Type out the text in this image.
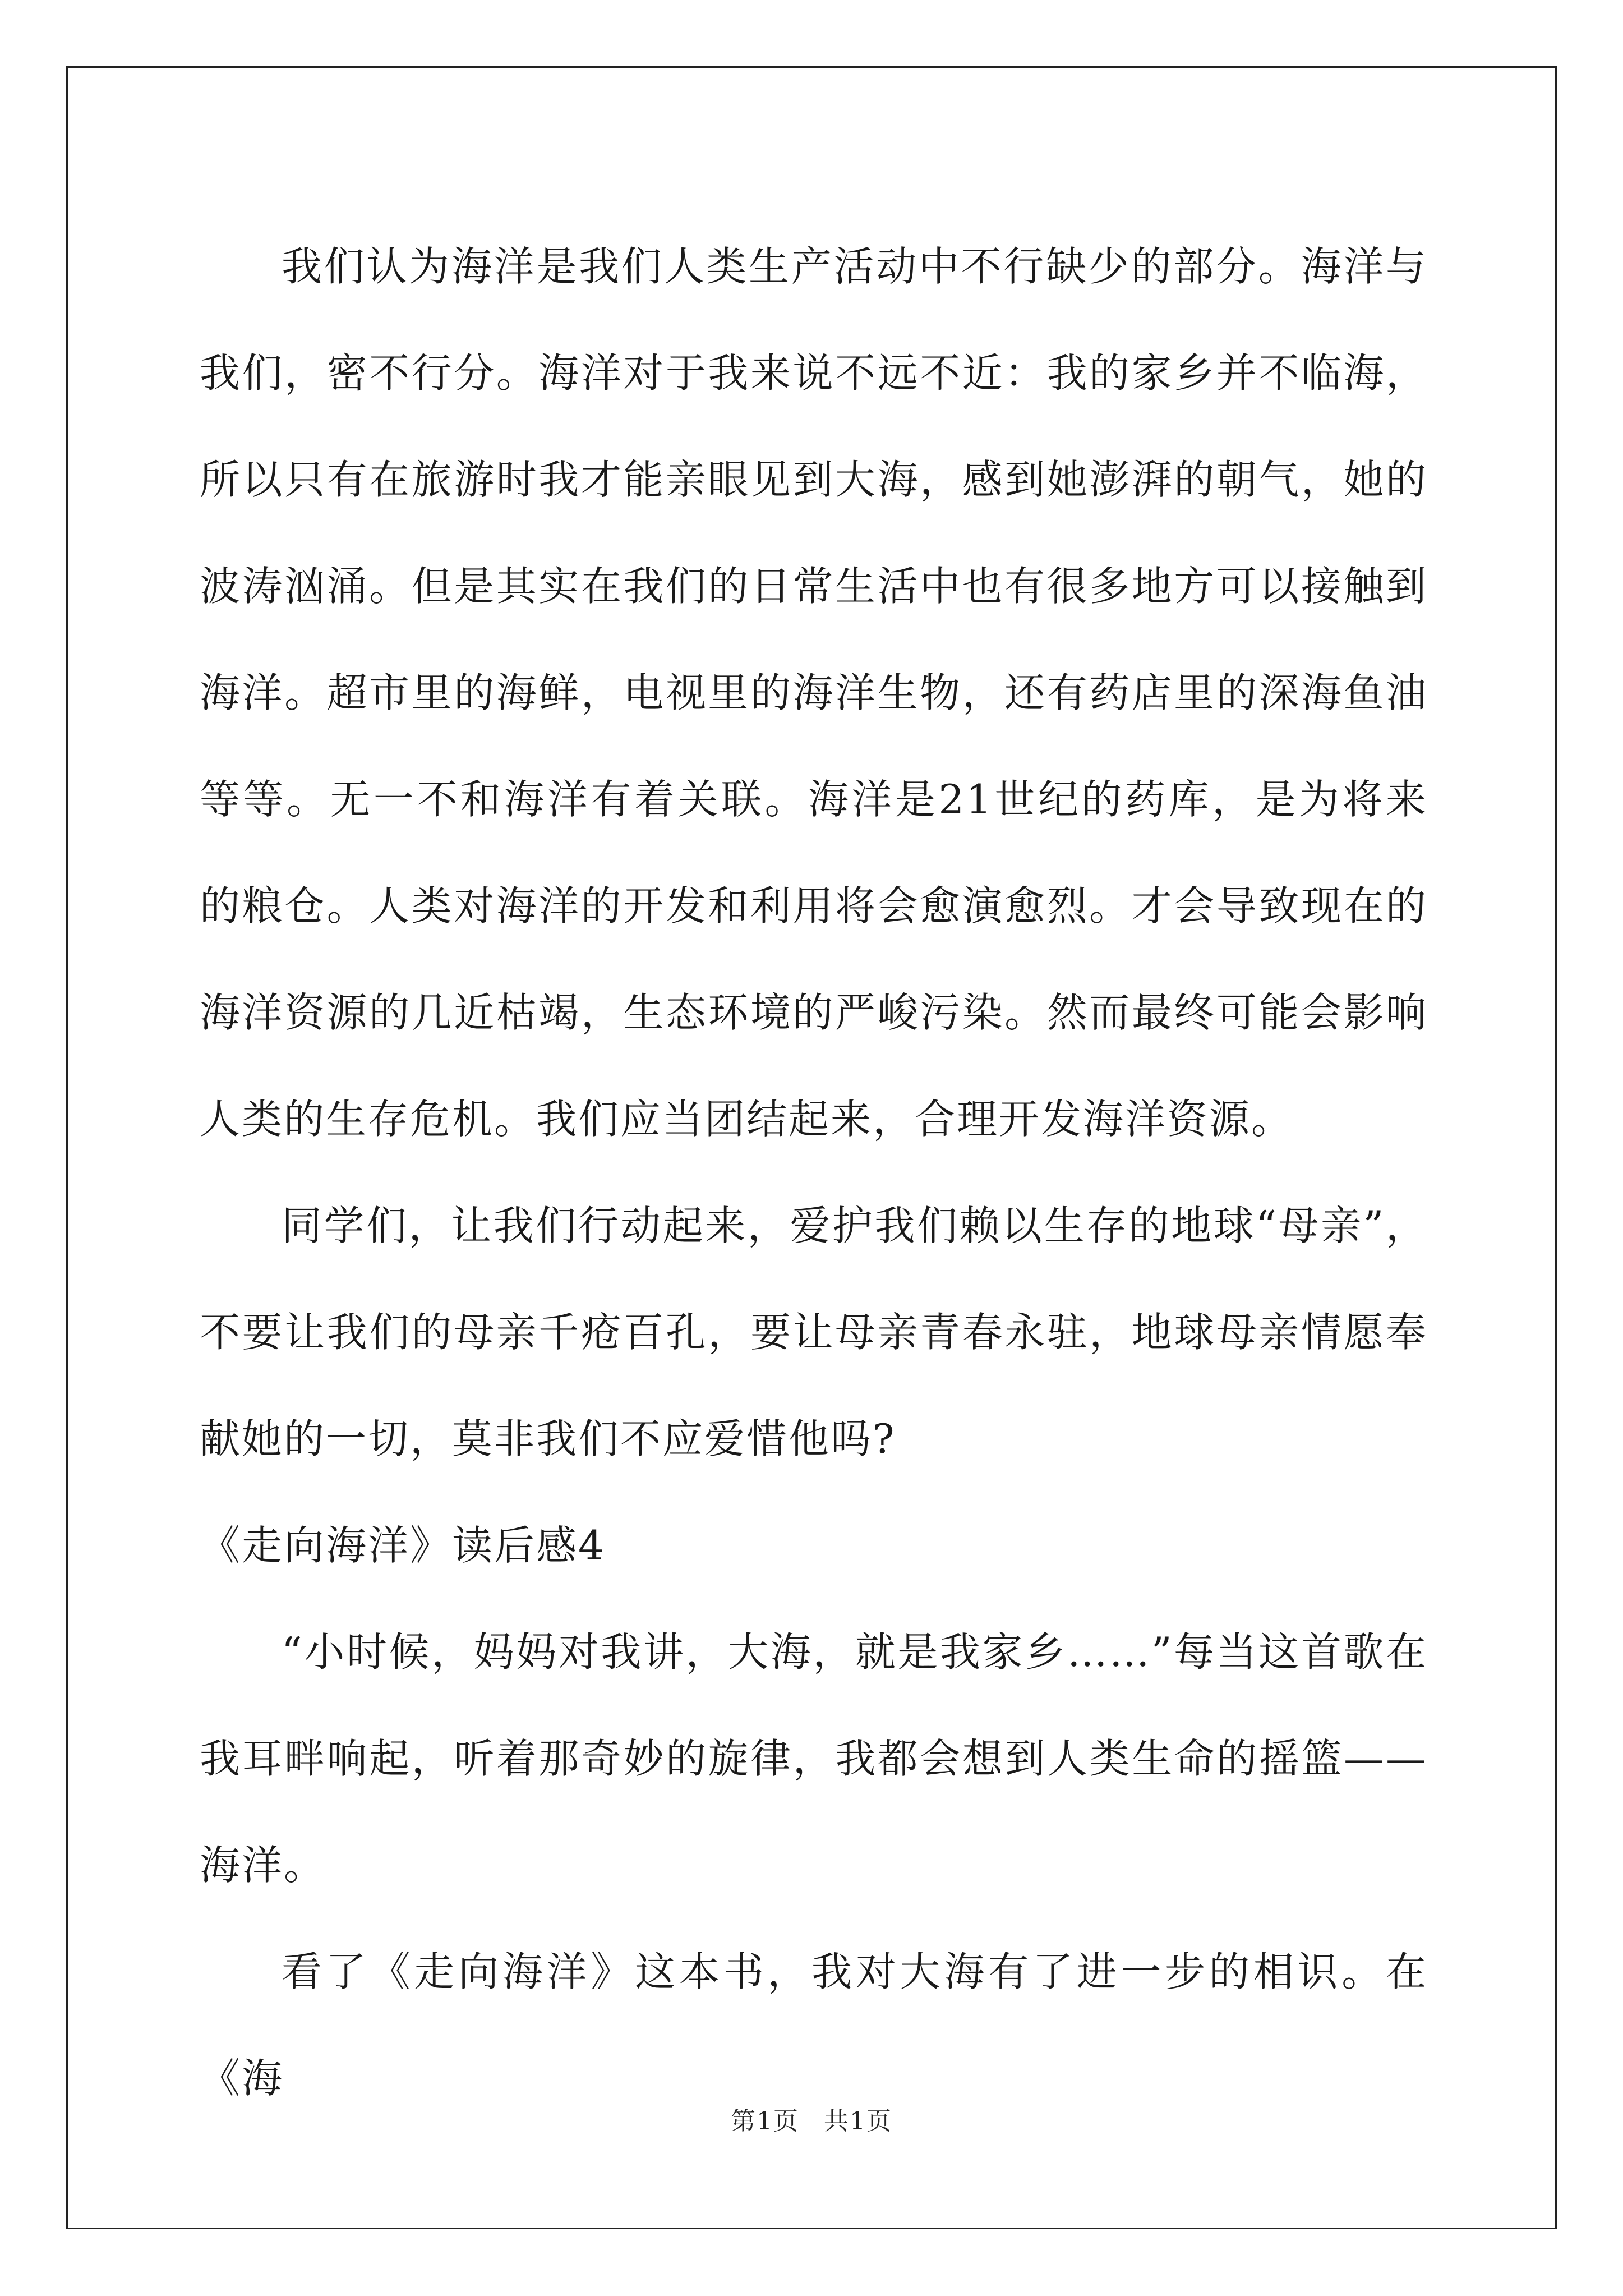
我们认为海洋是我们人类生产活动中不行缺少的部分。海洋与我们，密不行分。海洋对于我来说不远不近：我的家乡并不临海，所以只有在旅游时我才能亲眼见到大海，感到她澎湃的朝气，她的波涛汹涌。但是其实在我们的日常生活中也有很多地方可以接触到海洋。超市里的海鲜，电视里的海洋生物，还有药店里的深海鱼油等等。无一不和海洋有着关联。海洋是21世纪的药库，是为将来的粮仓。人类对海洋的开发和利用将会愈演愈烈。才会导致现在的海洋资源的几近枯竭，生态环境的严峻污染。然而最终可能会影响人类的生存危机。我们应当团结起来，合理开发海洋资源。

同学们，让我们行动起来，爱护我们赖以生存的地球“母亲”，不要让我们的母亲千疮百孔，要让母亲青春永驻，地球母亲情愿奉献她的一切，莫非我们不应爱惜他吗?

《走向海洋》读后感4

“小时候，妈妈对我讲，大海，就是我家乡……”每当这首歌在我耳畔响起，听着那奇妙的旋律，我都会想到人类生命的摇篮——海洋。

看了《走向海洋》这本书，我对大海有了进一步的相识。在《海

第1页 共1页
